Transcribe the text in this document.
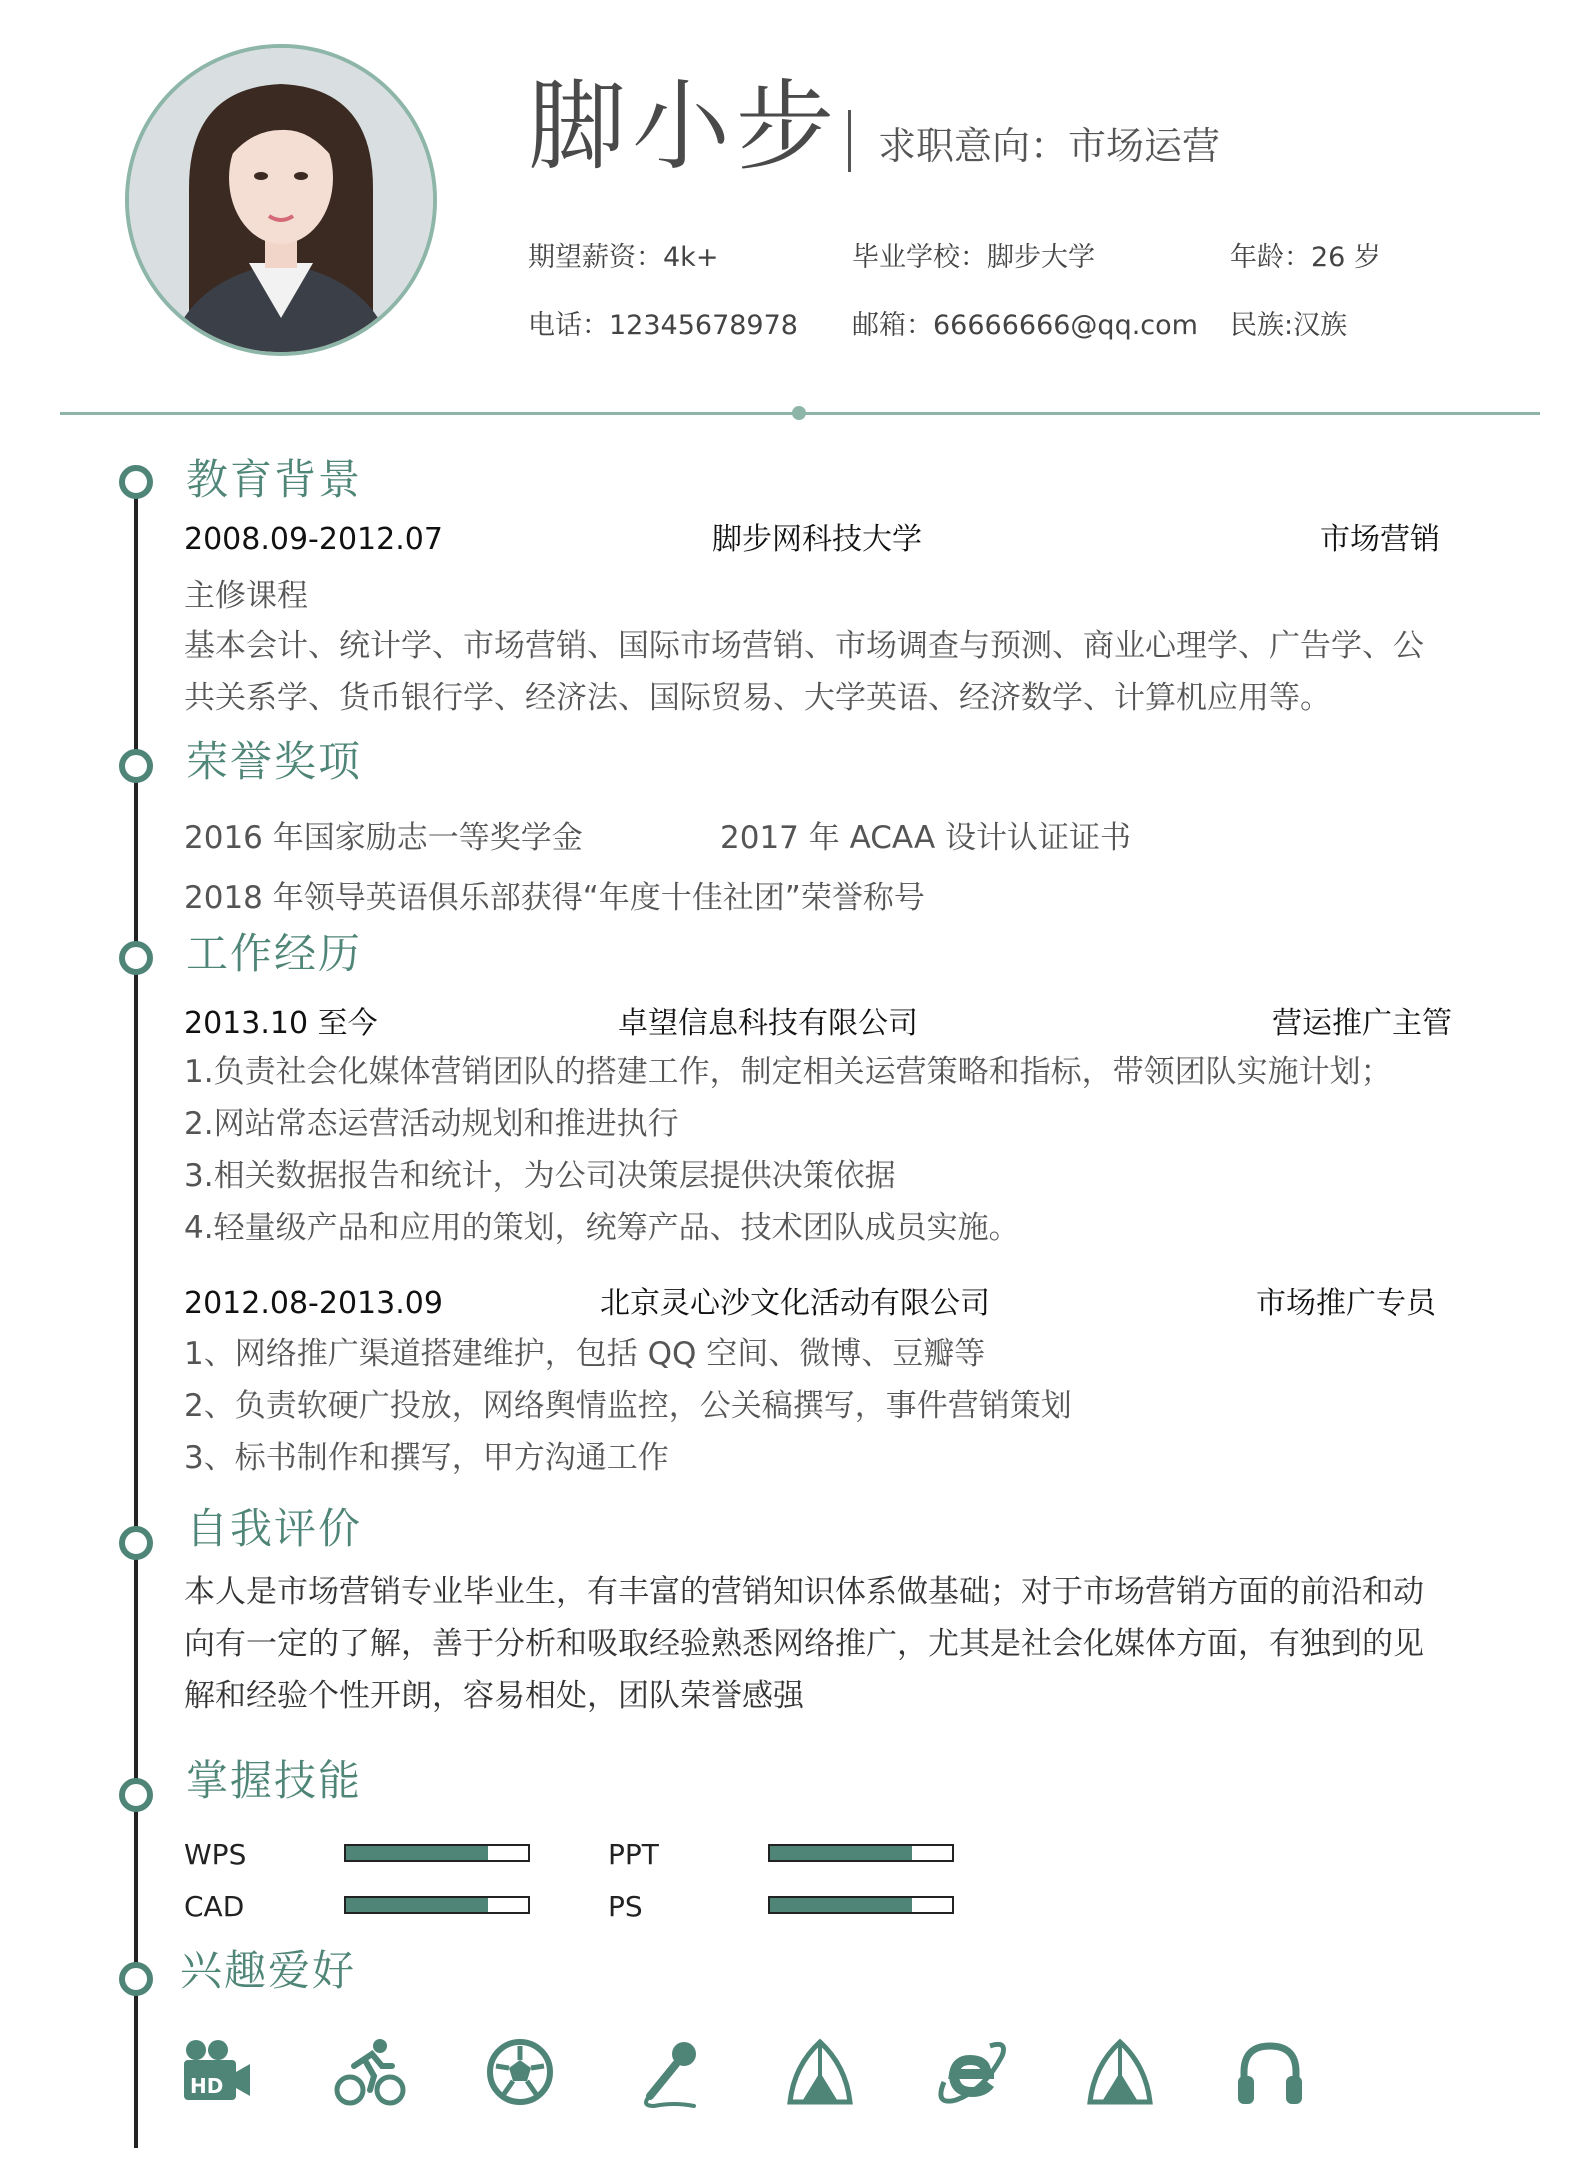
脚小步 求职意向：市场运营
期望薪资：4k+	毕业学校：脚步大学	年龄：26 岁
电话：12345678978 邮箱：66666666@qq.com 民族:汉族
教育背景
2008.09-2012.07	脚步网科技大学	市场营销
主修课程
基本会计、统计学、市场营销、国际市场营销、市场调查与预测、商业心理学、广告学、公
共关系学、货币银行学、经济法、国际贸易、大学英语、经济数学、计算机应用等。
荣誉奖项
2016 年国家励志一等奖学金	2017 年 ACAA 设计认证证书
2018 年领导英语俱乐部获得“年度十佳社团”荣誉称号
工作经历
2013.10 至今	卓望信息科技有限公司	营运推广主管
1.负责社会化媒体营销团队的搭建工作，制定相关运营策略和指标，带领团队实施计划；
2.网站常态运营活动规划和推进执行
3.相关数据报告和统计，为公司决策层提供决策依据
4.轻量级产品和应用的策划，统筹产品、技术团队成员实施。
2012.08-2013.09	北京灵心沙文化活动有限公司	市场推广专员
1、网络推广渠道搭建维护，包括 QQ 空间、微博、豆瓣等
2、负责软硬广投放，网络舆情监控，公关稿撰写，事件营销策划
3、标书制作和撰写，甲方沟通工作
自我评价
本人是市场营销专业毕业生，有丰富的营销知识体系做基础；对于市场营销方面的前沿和动
向有一定的了解，善于分析和吸取经验熟悉网络推广，尤其是社会化媒体方面，有独到的见
解和经验个性开朗，容易相处，团队荣誉感强
掌握技能
WPS	PPT
CAD	PS
兴趣爱好
HD
